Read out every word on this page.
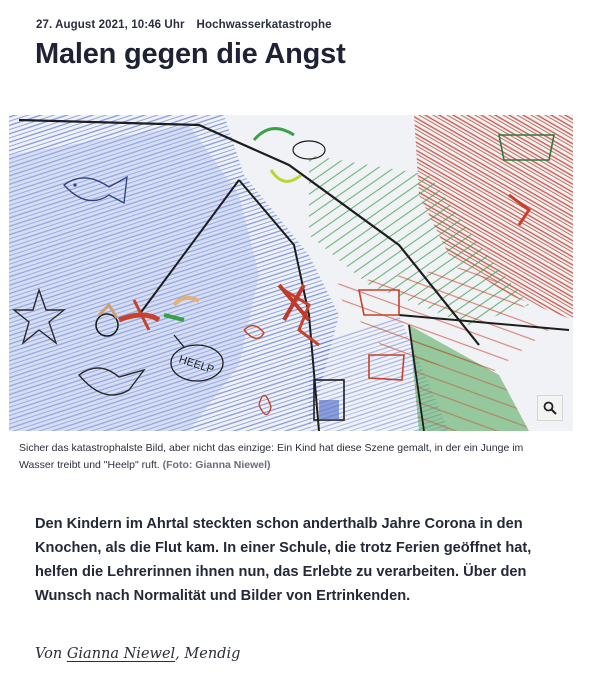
27. August 2021, 10:46 Uhr Hochwasserkatastrophe
Malen gegen die Angst
HEELP
Sicher das katastrophalste Bild, aber nicht das einzige: Ein Kind hat diese Szene gemalt, in der ein Junge im Wasser treibt und "Heelp" ruft. (Foto: Gianna Niewel)

Den Kindern im Ahrtal steckten schon anderthalb Jahre Corona in den Knochen, als die Flut kam. In einer Schule, die trotz Ferien geöffnet hat, helfen die Lehrerinnen ihnen nun, das Erlebte zu verarbeiten. Über den Wunsch nach Normalität und Bilder von Ertrinkenden.

Von Gianna Niewel, Mendig
